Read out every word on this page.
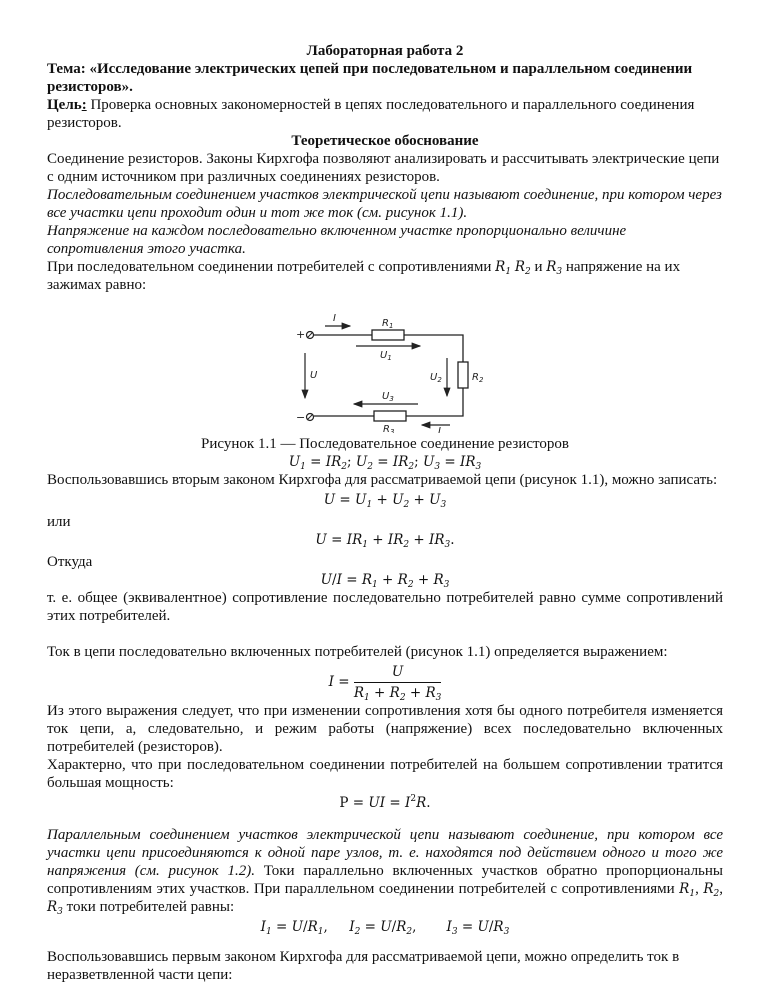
Лабораторная работа 2
Тема: «Исследование электрических цепей при последовательном и параллельном соединении резисторов».
Цель: Проверка основных закономерностей в цепях последовательного и параллельного соединения резисторов.
Теоретическое обоснование
Соединение резисторов. Законы Кирхгофа позволяют анализировать и рассчитывать электрические цепи с одним источником при различных соединениях резисторов.
Последовательным соединением участков электрической цепи называют соединение, при котором через все участки цепи проходит один и тот же ток (см. рисунок 1.1).
Напряжение на каждом последовательно включенном участке пропорционально величине сопротивления этого участка.
При последовательном соединении потребителей с сопротивлениями $R_1$ $R_2$ и $R_3$ напряжение на их зажимах равно:
+
−
$R_1$
$R_2$
$R_3$
I
I
$U_1$
$U_2$
$U_3$
U
Рисунок 1.1 — Последовательное соединение резисторов
$U_1 = IR_2$; $U_2 = IR_2$; $U_3 = IR_3$
Воспользовавшись вторым законом Кирхгофа для рассматриваемой цепи (рисунок 1.1), можно записать:
$U = U_1 + U_2 + U_3$
или
$U = IR_1 + IR_2 + IR_3$.
Откуда
$U/I = R_1 + R_2 + R_3$
т. е. общее (эквивалентное) сопротивление последовательно потребителей равно сумме сопротивлений этих потребителей.
Ток в цепи последовательно включенных потребителей (рисунок 1.1) определяется выражением:
$I = \frac{U}{R_1 + R_2 + R_3}$
Из этого выражения следует, что при изменении сопротивления хотя бы одного потребителя изменяется ток цепи, а, следовательно, и режим работы (напряжение) всех последовательно включенных потребителей (резисторов).
Характерно, что при последовательном соединении потребителей на большем сопротивлении тратится большая мощность:
P = UI = $I^2R$.
Параллельным соединением участков электрической цепи называют соединение, при котором все участки цепи присоединяются к одной паре узлов, т. е. находятся под действием одного и того же напряжения (см. рисунок 1.2). Токи параллельно включенных участков обратно пропорциональны сопротивлениям этих участков. При параллельном соединении потребителей с сопротивлениями $R_1$, $R_2$, $R_3$ токи потребителей равны:
$I_1 = U/R_1$, $I_2 = U/R_2$, $I_3 = U/R_3$
Воспользовавшись первым законом Кирхгофа для рассматриваемой цепи, можно определить ток в неразветвленной части цепи:
